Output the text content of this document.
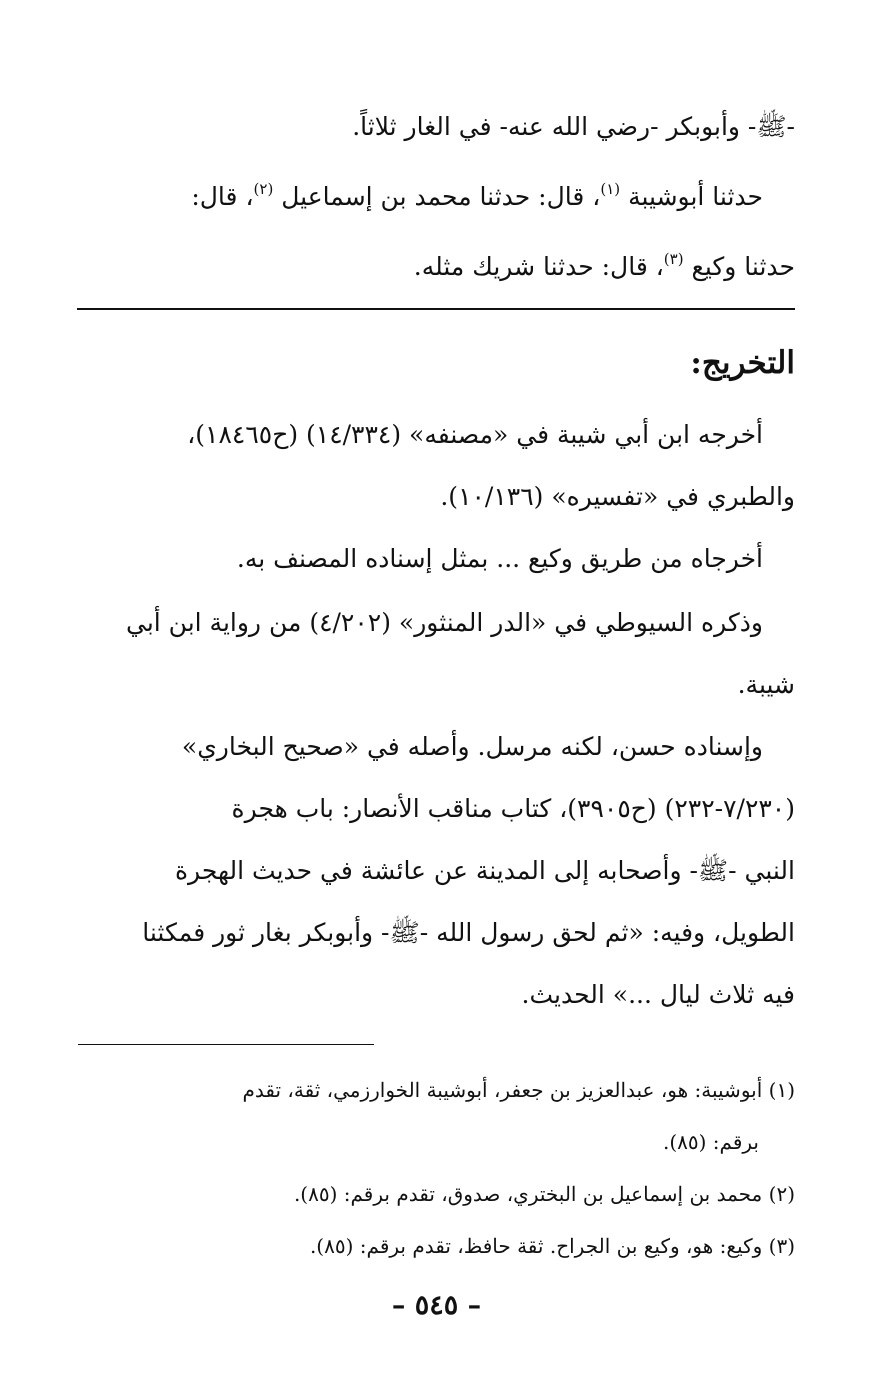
-ﷺ- وأبوبكر -رضي الله عنه- في الغار ثلاثاً.
حدثنا أبوشيبة $^{(١)}$، قال: حدثنا محمد بن إسماعيل $^{(٢)}$، قال:
حدثنا وكيع $^{(٣)}$، قال: حدثنا شريك مثله.
التخريج:
أخرجه ابن أبي شيبة في «مصنفه» (١٤/٣٣٤) (ح١٨٤٦٥)،
والطبري في «تفسيره» (١٠/١٣٦).
أخرجاه من طريق وكيع ... بمثل إسناده المصنف به.
وذكره السيوطي في «الدر المنثور» (٤/٢٠٢) من رواية ابن أبي
شيبة.
وإسناده حسن، لكنه مرسل. وأصله في «صحيح البخاري»
(٧/٢٣٠-٢٣٢) (ح٣٩٠٥)، كتاب مناقب الأنصار: باب هجرة
النبي -ﷺ- وأصحابه إلى المدينة عن عائشة في حديث الهجرة
الطويل، وفيه: «ثم لحق رسول الله -ﷺ- وأبوبكر بغار ثور فمكثنا
فيه ثلاث ليال ...» الحديث.
(١) أبوشيبة: هو، عبدالعزيز بن جعفر، أبوشيبة الخوارزمي، ثقة، تقدم
برقم: (٨٥).
(٢) محمد بن إسماعيل بن البختري، صدوق، تقدم برقم: (٨٥).
(٣) وكيع: هو، وكيع بن الجراح. ثقة حافظ، تقدم برقم: (٨٥).
– ٥٤٥ –
